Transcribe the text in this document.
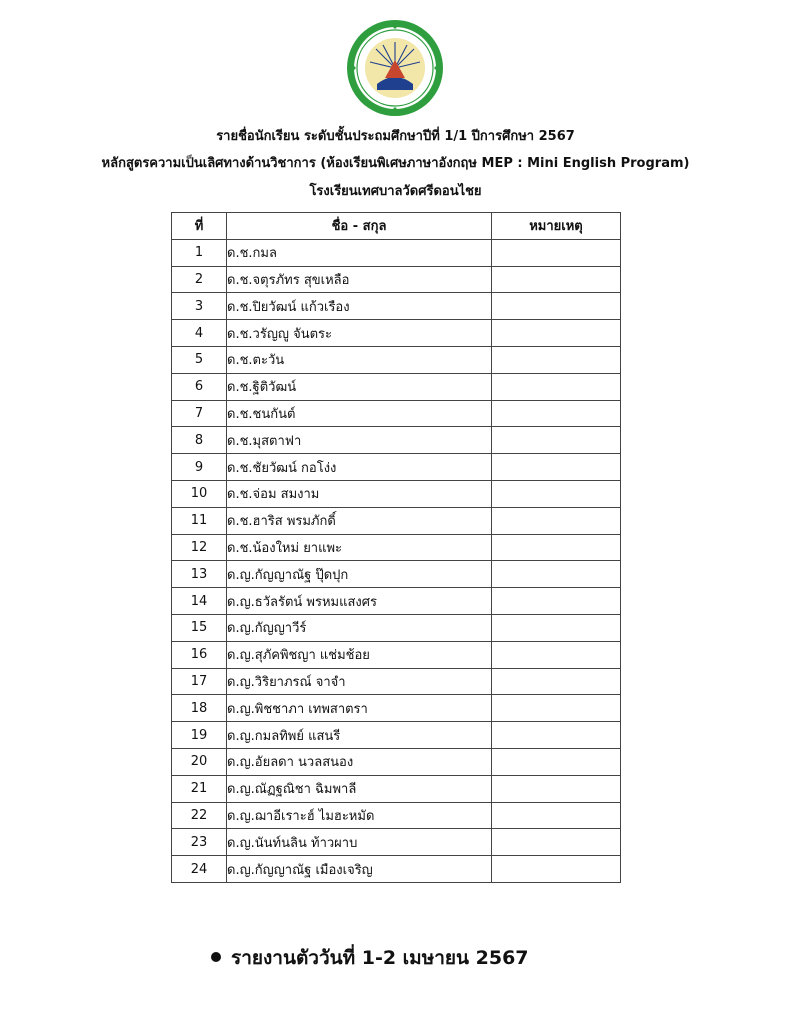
รายชื่อนักเรียน ระดับชั้นประถมศึกษาปีที่ 1/1 ปีการศึกษา 2567
หลักสูตรความเป็นเลิศทางด้านวิชาการ (ห้องเรียนพิเศษภาษาอังกฤษ MEP : Mini English Program)
โรงเรียนเทศบาลวัดศรีดอนไชย
ที่	ชื่อ - สกุล	หมายเหตุ
1	ด.ช.กมล	
2	ด.ช.จตุรภัทร สุขเหลือ	
3	ด.ช.ปิยวัฒน์ แก้วเรือง	
4	ด.ช.วรัญญู จันตระ	
5	ด.ช.ตะวัน	
6	ด.ช.ฐิติวัฒน์	
7	ด.ช.ชนกันต์	
8	ด.ช.มุสตาฟา	
9	ด.ช.ชัยวัฒน์ กอโง่ง	
10	ด.ช.จ่อม สมงาม	
11	ด.ช.ฮาริส พรมภักดิ์	
12	ด.ช.น้องใหม่ ยาแพะ	
13	ด.ญ.กัญญาณัฐ ปุ๊ดปุก	
14	ด.ญ.ธวัลรัตน์ พรหมแสงศร	
15	ด.ญ.กัญญาวีร์	
16	ด.ญ.สุภัคพิชญา แช่มช้อย	
17	ด.ญ.วิริยาภรณ์ จาจำ	
18	ด.ญ.พิชชาภา เทพสาตรา	
19	ด.ญ.กมลทิพย์ แสนรี	
20	ด.ญ.อัยลดา นวลสนอง	
21	ด.ญ.ณัฏฐณิชา ฉิมพาลี	
22	ด.ญ.ฌาอีเราะฮ์ ไมฮะหมัด	
23	ด.ญ.นันท์นลิน ท้าวผาบ	
24	ด.ญ.กัญญาณัฐ เมืองเจริญ	
รายงานตัววันที่ 1-2 เมษายน 2567
